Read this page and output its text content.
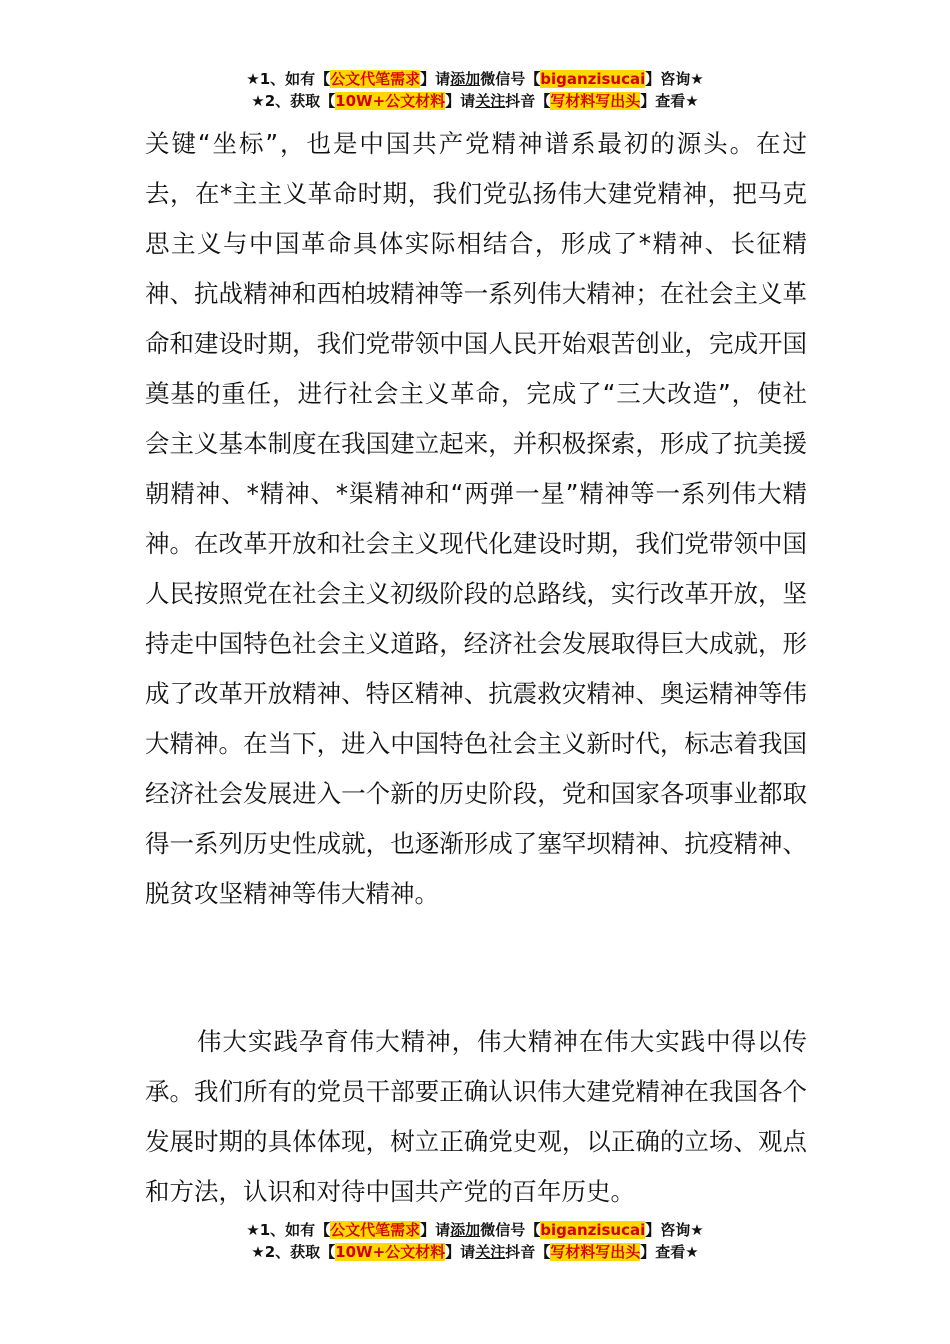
★1、如有【公文代笔需求】请添加微信号【biganzisucai】咨询★
★2、获取【10W+公文材料】请关注抖音【写材料写出头】查看★

关键“坐标”，也是中国共产党精神谱系最初的源头。在过去，在*主主义革命时期，我们党弘扬伟大建党精神，把马克思主义与中国革命具体实际相结合，形成了*精神、长征精神、抗战精神和西柏坡精神等一系列伟大精神；在社会主义革命和建设时期，我们党带领中国人民开始艰苦创业，完成开国奠基的重任，进行社会主义革命，完成了“三大改造”，使社会主义基本制度在我国建立起来，并积极探索，形成了抗美援朝精神、*精神、*渠精神和“两弹一星”精神等一系列伟大精神。在改革开放和社会主义现代化建设时期，我们党带领中国人民按照党在社会主义初级阶段的总路线，实行改革开放，坚持走中国特色社会主义道路，经济社会发展取得巨大成就，形成了改革开放精神、特区精神、抗震救灾精神、奥运精神等伟大精神。在当下，进入中国特色社会主义新时代，标志着我国经济社会发展进入一个新的历史阶段，党和国家各项事业都取得一系列历史性成就，也逐渐形成了塞罕坝精神、抗疫精神、脱贫攻坚精神等伟大精神。

伟大实践孕育伟大精神，伟大精神在伟大实践中得以传承。我们所有的党员干部要正确认识伟大建党精神在我国各个发展时期的具体体现，树立正确党史观，以正确的立场、观点和方法，认识和对待中国共产党的百年历史。

★1、如有【公文代笔需求】请添加微信号【biganzisucai】咨询★
★2、获取【10W+公文材料】请关注抖音【写材料写出头】查看★
